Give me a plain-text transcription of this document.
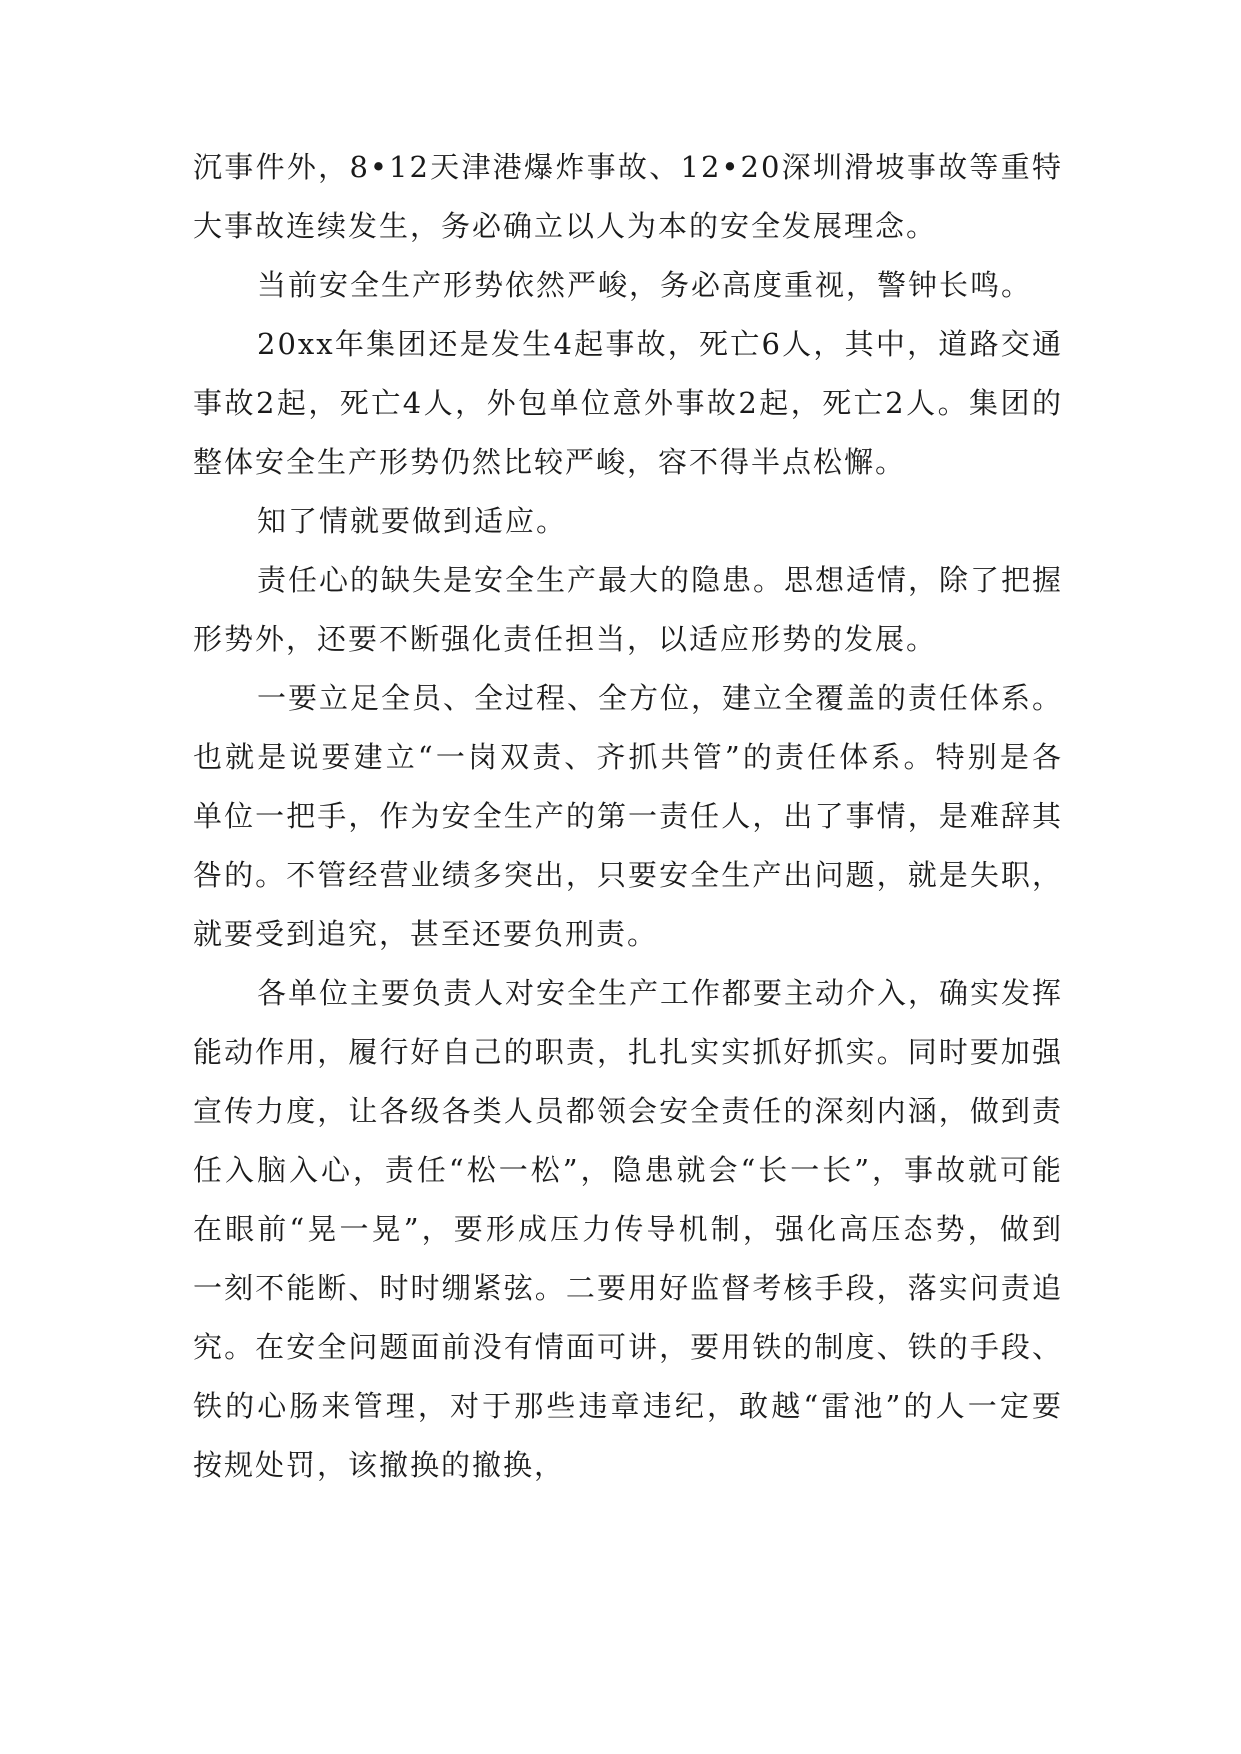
沉事件外，8•12天津港爆炸事故、12•20深圳滑坡事故等重特大事故连续发生，务必确立以人为本的安全发展理念。

当前安全生产形势依然严峻，务必高度重视，警钟长鸣。

20xx年集团还是发生4起事故，死亡6人，其中，道路交通事故2起，死亡4人，外包单位意外事故2起，死亡2人。集团的整体安全生产形势仍然比较严峻，容不得半点松懈。

知了情就要做到适应。

责任心的缺失是安全生产最大的隐患。思想适情，除了把握形势外，还要不断强化责任担当，以适应形势的发展。

一要立足全员、全过程、全方位，建立全覆盖的责任体系。也就是说要建立“一岗双责、齐抓共管”的责任体系。特别是各单位一把手，作为安全生产的第一责任人，出了事情，是难辞其咎的。不管经营业绩多突出，只要安全生产出问题，就是失职，就要受到追究，甚至还要负刑责。

各单位主要负责人对安全生产工作都要主动介入，确实发挥能动作用，履行好自己的职责，扎扎实实抓好抓实。同时要加强宣传力度，让各级各类人员都领会安全责任的深刻内涵，做到责任入脑入心，责任“松一松”，隐患就会“长一长”，事故就可能在眼前“晃一晃”，要形成压力传导机制，强化高压态势，做到一刻不能断、时时绷紧弦。二要用好监督考核手段，落实问责追究。在安全问题面前没有情面可讲，要用铁的制度、铁的手段、铁的心肠来管理，对于那些违章违纪，敢越“雷池”的人一定要按规处罚，该撤换的撤换，
